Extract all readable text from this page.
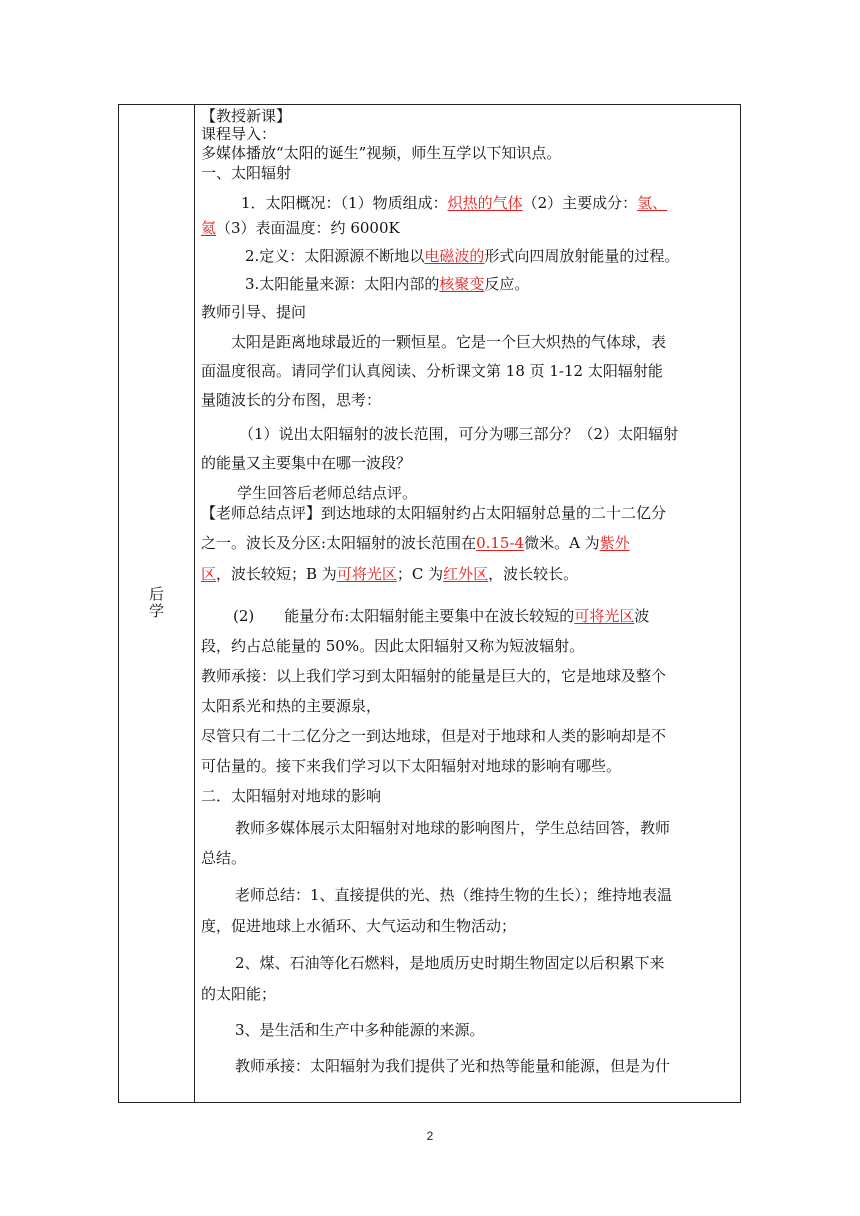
后学
【教授新课】
课程导入：
多媒体播放“太阳的诞生”视频，师生互学以下知识点。
一、太阳辐射
1．太阳概况：（1）物质组成：炽热的气体（2）主要成分：氢、
氦（3）表面温度：约 6000K
2.定义：太阳源源不断地以电磁波的形式向四周放射能量的过程。
3.太阳能量来源：太阳内部的核聚变反应。
教师引导、提问
太阳是距离地球最近的一颗恒星。它是一个巨大炽热的气体球，表
面温度很高。请同学们认真阅读、分析课文第 18 页 1-12 太阳辐射能
量随波长的分布图，思考：
（1）说出太阳辐射的波长范围，可分为哪三部分？（2）太阳辐射
的能量又主要集中在哪一波段？
学生回答后老师总结点评。
【老师总结点评】到达地球的太阳辐射约占太阳辐射总量的二十二亿分
之一。波长及分区:太阳辐射的波长范围在0.15-4微米。A 为紫外
区，波长较短；B 为可将光区；C 为红外区，波长较长。
(2) 能量分布:太阳辐射能主要集中在波长较短的可将光区波
段，约占总能量的 50%。因此太阳辐射又称为短波辐射。
教师承接：以上我们学习到太阳辐射的能量是巨大的，它是地球及整个
太阳系光和热的主要源泉，
尽管只有二十二亿分之一到达地球，但是对于地球和人类的影响却是不
可估量的。接下来我们学习以下太阳辐射对地球的影响有哪些。
二．太阳辐射对地球的影响
教师多媒体展示太阳辐射对地球的影响图片，学生总结回答，教师
总结。
老师总结：1、直接提供的光、热（维持生物的生长）；维持地表温
度，促进地球上水循环、大气运动和生物活动；
2、煤、石油等化石燃料，是地质历史时期生物固定以后积累下来
的太阳能；
3、是生活和生产中多种能源的来源。
教师承接：太阳辐射为我们提供了光和热等能量和能源，但是为什
2
